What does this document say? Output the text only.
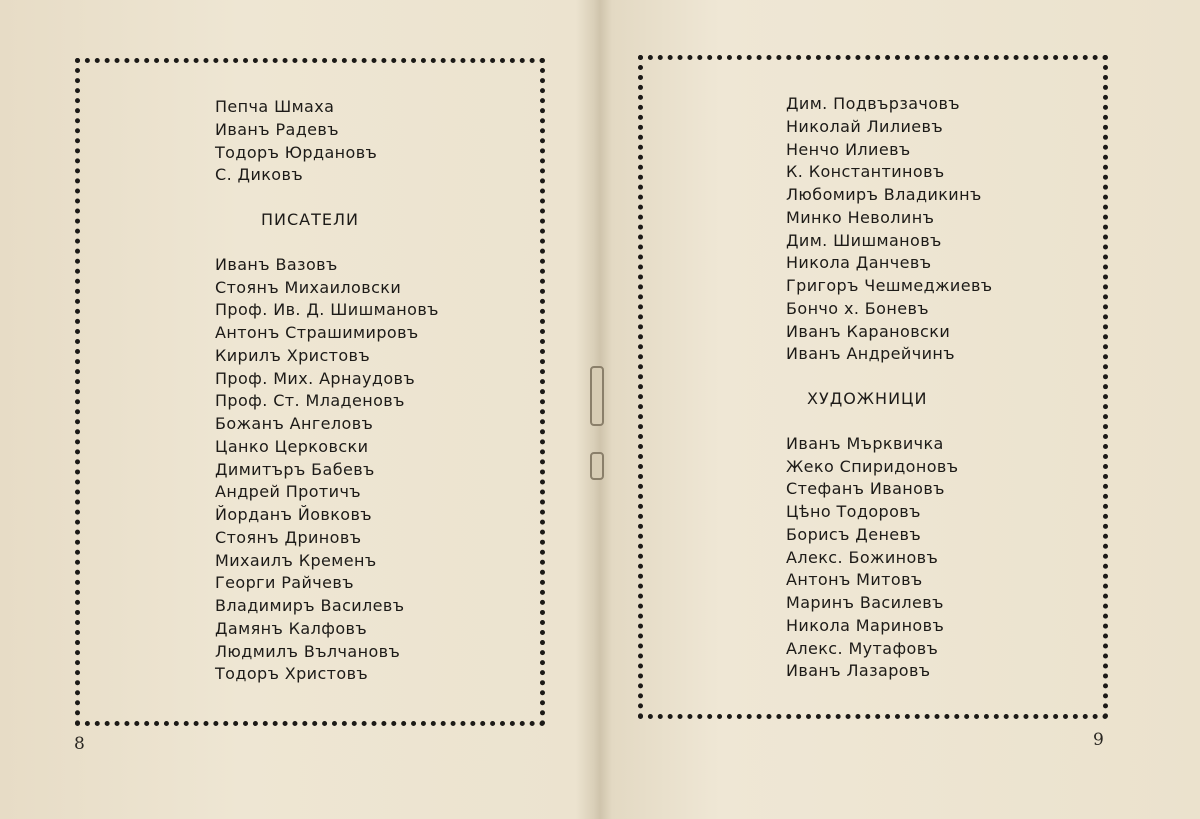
Пепча Шмаха
Иванъ Радевъ
Тодоръ Юрдановъ
С. Диковъ
ПИСАТЕЛИ
Иванъ Вазовъ
Стоянъ Михаиловски
Проф. Ив. Д. Шишмановъ
Антонъ Страшимировъ
Кирилъ Христовъ
Проф. Мих. Арнаудовъ
Проф. Ст. Младеновъ
Божанъ Ангеловъ
Цанко Церковски
Димитъръ Бабевъ
Андрей Протичъ
Йорданъ Йовковъ
Стоянъ Дриновъ
Михаилъ Кременъ
Георги Райчевъ
Владимиръ Василевъ
Дамянъ Калфовъ
Людмилъ Вълчановъ
Тодоръ Христовъ
8
Дим. Подвързачовъ
Николай Лилиевъ
Ненчо Илиевъ
К. Константиновъ
Любомиръ Владикинъ
Минко Неволинъ
Дим. Шишмановъ
Никола Данчевъ
Григоръ Чешмеджиевъ
Бончо х. Боневъ
Иванъ Карановски
Иванъ Андрейчинъ
ХУДОЖНИЦИ
Иванъ Мърквичка
Жеко Спиридоновъ
Стефанъ Ивановъ
Цѣно Тодоровъ
Борисъ Деневъ
Алекс. Божиновъ
Антонъ Митовъ
Маринъ Василевъ
Никола Мариновъ
Алекс. Мутафовъ
Иванъ Лазаровъ
9
